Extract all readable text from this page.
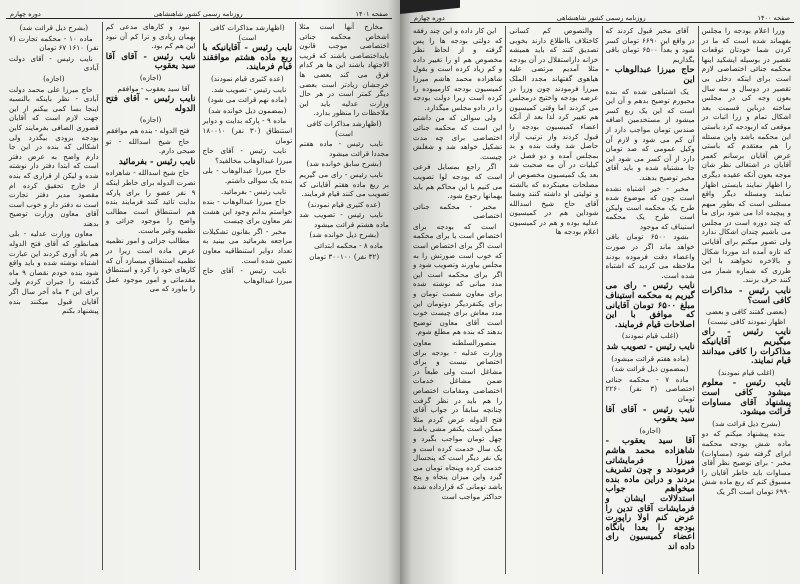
دوره چهارم	روزنامه رسمی کشور شاهنشاهی	صفحه ۱۴۰۱
مخارج آنها است مثلا اشخاص محکمه جنائی اختصاصی موجب قانون بایداختصاصی باشند که قریب الاجتهاد باشند این ها هر کدام فرق می کند بعضی ها خرجشان زیادتر است بعضی دیگر کمتر است در هر حال وزارت عدلیه باید این ملاحظات را منظور بدارد.
(اظهارشد مذاکرات کافی است)
نایب رئیس - ماده هفتم مجددا قرائت میشود
(بشرح سابق خوانده شد)
نایب رئیس - رای می گیریم بر ربع ماده هفتم آقایانی که تصویب می کنند قیام فرمایند.
(عده کثیری قیام نمودند)
نایب رئیس - تصویب شد ماده هشتم قرائت میشود
(بشرح ذیل خوانده شد)
ماده ۸ - محکمه ابتدائی
(۳۲ نفر) ۳۰۰۱۰۰ تومان
(اظهارشد مذاکرات کافی است)
نایب رئیس - آقایانیکه با ربع ماده هشتم موافقند قیام فرمایند.
(عده کثیری قیام نمودند)
نایب رئیس - تصویب شد.
(ماده نهم قرائت می شود)
(بمضمون ذیل خوانده شد)
ماده ۹ - پارکه بدایت و دوایر استنطاق (۳۰ نفر) ۱۸۰۰۱۰ تومان
نایب رئیس - آقای حاج میرزا عبدالوهاب مخالفید؟
حاج میرزا عبدالوهاب - بلی بنده یک سوالی داشتم.
نایب رئیس - بفرمائید.
حاج میرزا عبدالوهاب - بنده خواستم بدانم وجود این هشت نفر معاون برای چیست
مخبر - اگر بقانون تشکیلات مراجعه بفرمائید می بینید به تعداد دوایر استنطاقیه معاون تعیین شده است.
نایب رئیس - آقای حاج میرزا عبدالوهاب
نبود و کارهای مدعی کم بهمان زیادی و ترا کم آن نبود این هم کم بود.
نایب رئیس - آقای آقا سید یعقوب
(اجازه)
آقا سید یعقوب - موافقم
نایب رئیس - آقای فتح الدوله
(اجازه)
فتح الدوله - بنده هم موافقم
حاج شیخ اسدالله - تو ضیحی دارم.
نایب رئیس - بفرمائید
حاج شیخ اسدالله - شاهزاده نصرت الدوله برای خاطر اینکه ۹ نفر عضو را برای پارکه بدایت تائید کنند فرمایند بنده هم استنطاق است مطالب واضح را موجود جزائی و نظمیه وغیر ماست.
مطالب جزائی و امور نظمیه عرض ماده است زیرا در نظمیه استنطاق میسازد آن که کارهای خود را کرد و استنطاق مقدماتی و امور موجود عمل را بیاورد که می
(بشرح ذیل قرائت شد)
ماده ۱۰ - محکمه تجارت (۷ نفر) ۱۶۱۰ ۶۷ تومان
نایب رئیس - آقای دولت آبادی
(اجازه)
حاج میرزا علی محمد دولت آبادی - نظر باینکه بالنسبه اینجا بسا کمی بیکنم از این جهت لازم است که آقایان قضوری الصافی بفرمایند کاین بودجه بزودی بیگذرد ولی اشکالی که بنده در این جا دارم واضح به عرض دفتر است که ابتدا دفتر دار نوشته شده و لیکن از قراری که بنده از خارج تحقیق کرده ام مقصود مدیر دفتر تجارت است نه دفتر دار و خوب است آقای معاون وزارت توضیح بدهند
معاون وزارت عدلیه - بلی همانطور که آقای فتح الدوله هم یاد آوری کردند این عبارت اشتباه نوشته شده و باید واقع شود بنده خودم نقصان ۹ ماه گذشته را جبران کردم ولی برای این ۳ ماه آخر سال اگر آقایان قبول میکنند بنده پیشنهاد بکنم
دوره چهارم	روزنامه رسمی کشور شاهنشاهی	صفحه ۱۴۰۰
وزرا اعلام بودجه را مجلس بفهماند شده است که ما در کردن شما خودتان توقعات تقصیر در بوسیله ایشکید اینها محکمه جنائی اختصاصی لازم است برای اینکه دخلی بی تقصیر در دوسال و سه سال بعون وجه کی در مجلس ساخته درباین قسمت بعد اشکال تمام و زرا اثبات در موقعی که ازبودجه کرد باستی این محکمه باشد واین مسئله را هم معتقدم که باستی عرض آقایان برسانم کعمر آقایان در اشتغالی نظر شان موجه بعون آنکه عقیده دیگری را اظهار نمایند بایستی اظهار نمایند ومسئله دیگر واقع مسئلنی است که بطور مبهم و پیچیده ادا می شود برای ما که چند دوره است در مجلس می باشیم چندان اشکال ندارد ولی تصور میکنم برای آقایانی که تازه آمده اند موردا شکال و بالاخره نخواهند با این طرزی که شماره شمار می کنند حرف بزنند.
نایب رئیس - مذاکرات کافی است؟
(بعضی گفتند کافی و بعضی اظهار نمودند کافی نیست)
نایب رئیس - رای میگیریم آقایانیکه مذاکرات را کافی میدانند قیام نمایند.
(اغلب قیام نمودند)
نایب رئیس - معلوم میشود کافی است پیشنهاد آقای مساوات قرائت میشود.
(بشرح ذیل قرائت شد)
بنده پیشنهاد میکنم که دو ماده شش بودجه محکمه ابزای گرفته شود (مساوات) مخبر - برای توضیح نظر آقای مساوات باید خاطر آقایان را مسبوق کنم که ربع ماده شش ۶۹۹۰ تومان است اگر یک
آقای مخبر قبول کردند که در واقع این ۶۶۹۰ تومان کسر شود و بعداً ۶۵۰۰ تومان باقی بگذاریم
حاج میرزا عبدالوهاب - این
یک اشتباهی شده که بنده محبورم توضیح بدهم و آن این است که این یک ربع کسر میشود از مستخدمین اضافه صندس تومان مواجب دارد از آن کم می شود و لازم آن وکیل عمومی که صد تومان دارد از آن کسر می شود این جا مشتباه شده و باید آقای مخبر توضیح بدهند.
مخبر - خیر اشتباه نشده است چون که موضوع شده طرح یک محکمه است ولیکن است طرح یک محکمه استیناف که موجود
بشود ۶۵۰۰ تومان باقی خواهد ماند اگر در صورت واعضاء دقت فرموده بودند ملاحظه می کردید که اشتباه شده است.
نایب رئیس - رای می گیریم به محکمه استیناف مبلغ ۶۵۰۰ تومان آقایانی که موافق با این اصلاحات قیام فرمایند.
(اغلب قیام نمودند)
نایب رئیس - تصویب شد
(ماده هفتم قرائت میشود)
(بمضمون ذیل قرائت شد)
ماده ۷ - محکمه جنائی اختصاصی (۳ نفر) ۲۲۶۰ تومان
نایب رئیس - آقای آقا سید یعقوب
(اجازه)
آقا سید یعقوب - شاهزاده محمد هاشم میرزا فرمایشاتی فرمودند و چون تشریف بردند و دراین ماده بنده میخواهم جواب استدلالات ایشان و فرمایشات آقای تدین را عرض کنم اولا راپورت بودجه را بعدا بانگاه اعضاء کمیسیون رای داده اند
والنصوص کم کسانی کاختلاف بااطلاع دارند بخوبی تصدیق کنند که باید همیشه خزانه داراستقلال در آن بودجه مثلا آمدیم مرتضی علیه هیاهوی گفتهاند مجدد الملک میرزا فرمودند چون وزرا در عرضه بودجه واختیج درمجلس می کردند اما وقتی کمیسیون هم تغییر کرد لذا بعد از آنکه اعضاء کمیسیون بودجه را قبول کردند واز ترتیب آزاد حاصل شد وقت بنده و بد بمجلس آمده و دو فصل در کیلیات در آن مه صحبت شد بعد یک کمیسیون مخصوص از مصلحات معینکرده که بالشته و تولیتی او داشته کنند وشما آقای حاج شیخ اسدالله شوداین هم در کمیسیون عدلیه بوده و هم در کمیسیون اعلام بودجه ها
این کار داده و این چند رفقه که دولتی بودجه ها را پس گرفته و از لحاظ نظر مخصوص هم او را تغییر داده و کم زیاد کرده است و بقول شاهزاده محمد هاشم میرزا کمیسیون بودجه کارمیبوده را کرده است زیرا دولت بودجه را در دادو مجلس میگذارد.
ولی سوالی که من داشتم این است که محکمه جنائی اختصاصی برای چه مدت تشکیل خواهد شد و شغلش چیست.
اگر راجع بمسایل فرعی است که بودجه لوا تصویب می کنیم با این محاکم هم باید بهمانها رجوع شود.
مخبر - محکمه جنائی اختصاصی
است که بودجه برای اختصاص است یا برای محکمه است اگر برای اختصاص است که خوب است صورتش را به مجلس بیاورند وتصویب شود و اگر برای محکمه است این مدد مبانی که نوشته شده برای معاون شصت تومان و برای یکنفردیگر دوتومان این مدد معاش برای چیست خوب است آقای معاون توضیح بدهند که بنده هم مطلع شوم.
منصورالسلطنه معاون وزارت عدلیه - بودجه برای اختصاص نیست و برای مشاغل است ولی طبعاً در ضمن مشاغل خدمات اختصاصی ومقامات اختصاص را هم باید در نظر گرفت چنانچه سابقاً در جواب آقای فتح الدوله عرض کردم مثلا ممکن است یکنفر مشی باشد چهل تومان مواجب بگیرد و یک سال خدمت کرده است و یک نفر دیگر است که پنجسال خدمت کرده وپنجاه تومان می گیرد واین میزان پنجاه و پنج باشد تومانی که قرارداده شده حداکثر مواجب است
